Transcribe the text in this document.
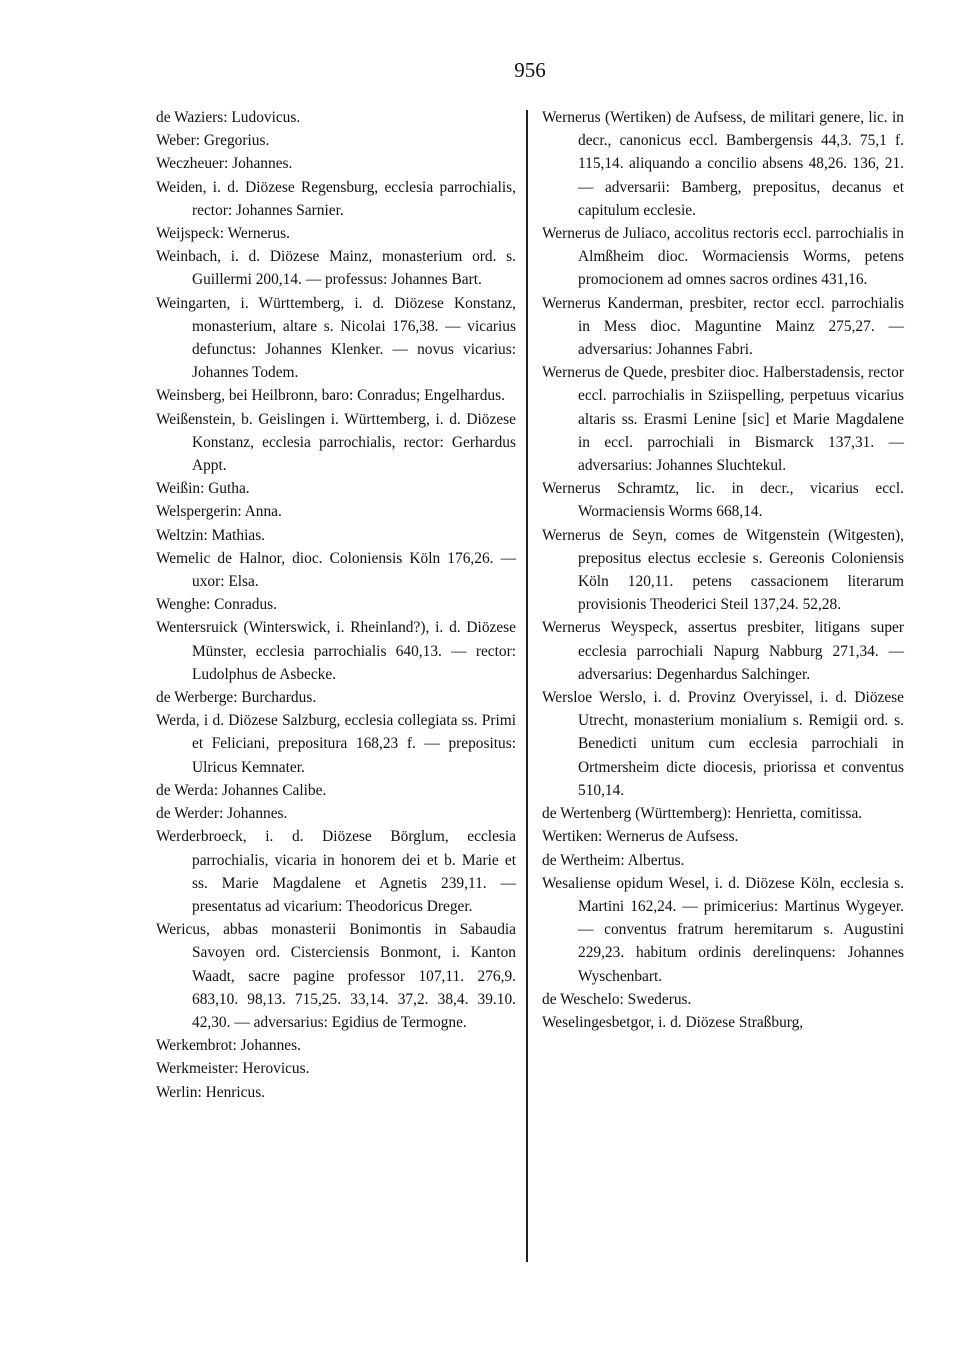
956

de Waziers: Ludovicus.

Weber: Gregorius.

Weczheuer: Johannes.

Weiden, i. d. Diözese Regensburg, ecclesia parrochialis, rector: Johannes Sarnier.

Weijspeck: Wernerus.

Weinbach, i. d. Diözese Mainz, monasterium ord. s. Guillermi 200,14. — professus: Johannes Bart.

Weingarten, i. Württemberg, i. d. Diözese Konstanz, monasterium, altare s. Nicolai 176,38. — vicarius defunctus: Johannes Klenker. — novus vicarius: Johannes Todem.

Weinsberg, bei Heilbronn, baro: Conradus; Engelhardus.

Weißenstein, b. Geislingen i. Württemberg, i. d. Diözese Konstanz, ecclesia parrochialis, rector: Gerhardus Appt.

Weißin: Gutha.

Welspergerin: Anna.

Weltzin: Mathias.

Wemelic de Halnor, dioc. Coloniensis Köln 176,26. — uxor: Elsa.

Wenghe: Conradus.

Wentersruick (Winterswick, i. Rheinland?), i. d. Diözese Münster, ecclesia parrochialis 640,13. — rector: Ludolphus de Asbecke.

de Werberge: Burchardus.

Werda, i d. Diözese Salzburg, ecclesia collegiata ss. Primi et Feliciani, prepositura 168,23 f. — prepositus: Ulricus Kemnater.

de Werda: Johannes Calibe.

de Werder: Johannes.

Werderbroeck, i. d. Diözese Börglum, ecclesia parrochialis, vicaria in honorem dei et b. Marie et ss. Marie Magdalene et Agnetis 239,11. — presentatus ad vicarium: Theodoricus Dreger.

Wericus, abbas monasterii Bonimontis in Sabaudia Savoyen ord. Cisterciensis Bonmont, i. Kanton Waadt, sacre pagine professor 107,11. 276,9. 683,10. 98,13. 715,25. 33,14. 37,2. 38,4. 39.10. 42,30. — adversarius: Egidius de Termogne.

Werkembrot: Johannes.

Werkmeister: Herovicus.

Werlin: Henricus.

Wernerus (Wertiken) de Aufsess, de militari genere, lic. in decr., canonicus eccl. Bambergensis 44,3. 75,1 f. 115,14. aliquando a concilio absens 48,26. 136, 21. — adversarii: Bamberg, prepositus, decanus et capitulum ecclesie.

Wernerus de Juliaco, accolitus rectoris eccl. parrochialis in Almßheim dioc. Wormaciensis Worms, petens promocionem ad omnes sacros ordines 431,16.

Wernerus Kanderman, presbiter, rector eccl. parrochialis in Mess dioc. Maguntine Mainz 275,27. — adversarius: Johannes Fabri.

Wernerus de Quede, presbiter dioc. Halberstadensis, rector eccl. parrochialis in Sziispelling, perpetuus vicarius altaris ss. Erasmi Lenine [sic] et Marie Magdalene in eccl. parrochiali in Bismarck 137,31. — adversarius: Johannes Sluchtekul.

Wernerus Schramtz, lic. in decr., vicarius eccl. Wormaciensis Worms 668,14.

Wernerus de Seyn, comes de Witgenstein (Witgesten), prepositus electus ecclesie s. Gereonis Coloniensis Köln 120,11. petens cassacionem literarum provisionis Theoderici Steil 137,24. 52,28.

Wernerus Weyspeck, assertus presbiter, litigans super ecclesia parrochiali Napurg Nabburg 271,34. — adversarius: Degenhardus Salchinger.

Wersloe Werslo, i. d. Provinz Overyissel, i. d. Diözese Utrecht, monasterium monialium s. Remigii ord. s. Benedicti unitum cum ecclesia parrochiali in Ortmersheim dicte diocesis, priorissa et conventus 510,14.

de Wertenberg (Württemberg): Henrietta, comitissa.

Wertiken: Wernerus de Aufsess.

de Wertheim: Albertus.

Wesaliense opidum Wesel, i. d. Diözese Köln, ecclesia s. Martini 162,24. — primicerius: Martinus Wygeyer. — conventus fratrum heremitarum s. Augustini 229,23. habitum ordinis derelinquens: Johannes Wyschenbart.

de Weschelo: Swederus.

Weselingesbetgor, i. d. Diözese Straßburg,
